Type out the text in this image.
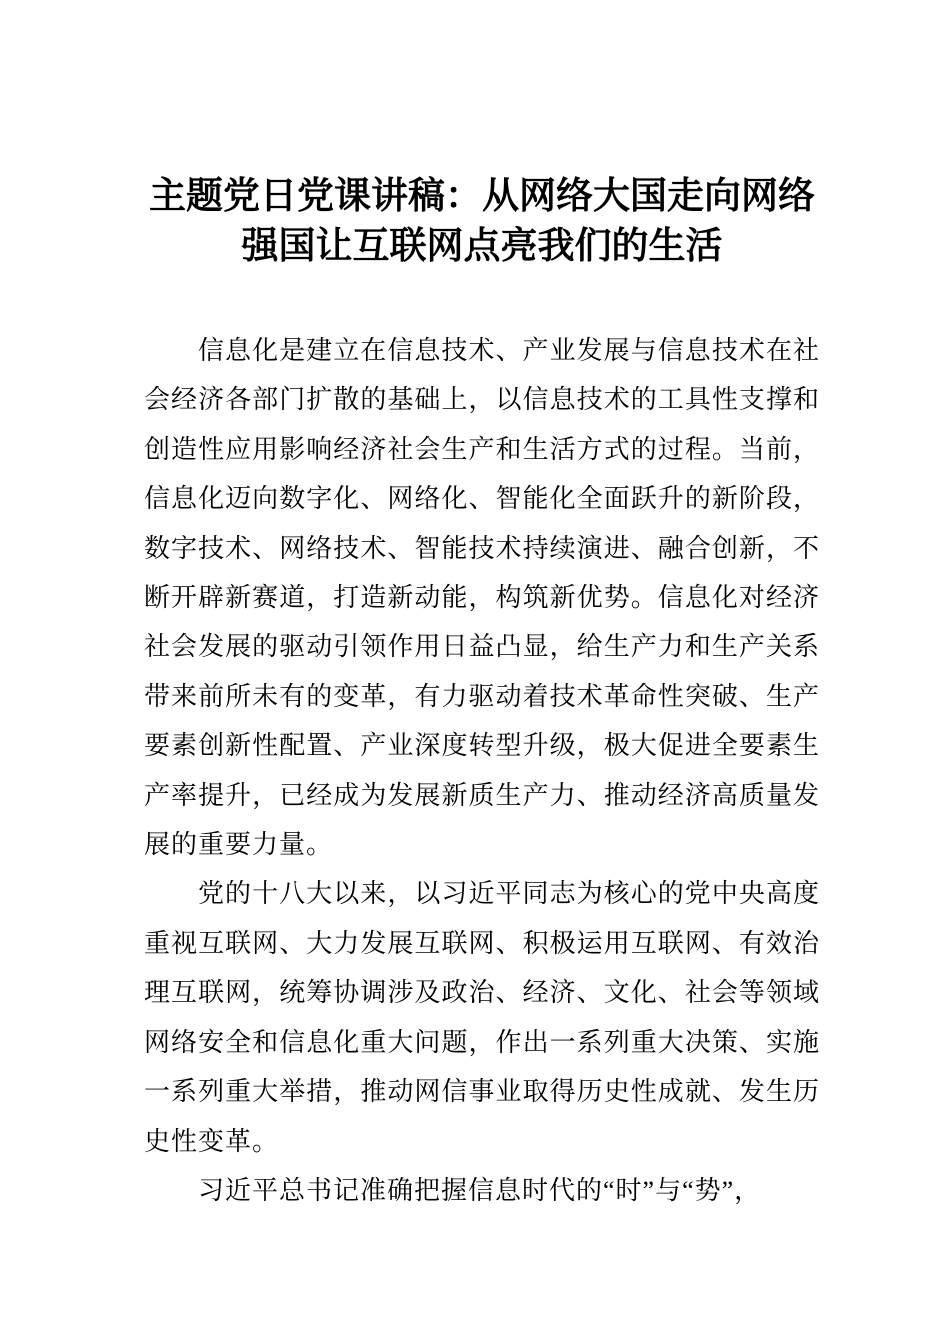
主题党日党课讲稿：从网络大国走向网络强国让互联网点亮我们的生活

信息化是建立在信息技术、产业发展与信息技术在社会经济各部门扩散的基础上，以信息技术的工具性支撑和创造性应用影响经济社会生产和生活方式的过程。当前，信息化迈向数字化、网络化、智能化全面跃升的新阶段，数字技术、网络技术、智能技术持续演进、融合创新，不断开辟新赛道，打造新动能，构筑新优势。信息化对经济社会发展的驱动引领作用日益凸显，给生产力和生产关系带来前所未有的变革，有力驱动着技术革命性突破、生产要素创新性配置、产业深度转型升级，极大促进全要素生产率提升，已经成为发展新质生产力、推动经济高质量发展的重要力量。

党的十八大以来，以习近平同志为核心的党中央高度重视互联网、大力发展互联网、积极运用互联网、有效治理互联网，统筹协调涉及政治、经济、文化、社会等领域网络安全和信息化重大问题，作出一系列重大决策、实施一系列重大举措，推动网信事业取得历史性成就、发生历史性变革。

习近平总书记准确把握信息时代的“时”与“势”，
